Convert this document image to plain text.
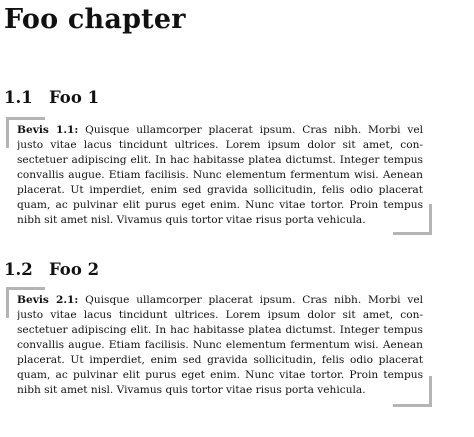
Foo chapter
1.1 Foo 1
Bevis 1.1: Quisque ullamcorper placerat ipsum. Cras nibh. Morbi vel
justo vitae lacus tincidunt ultrices. Lorem ipsum dolor sit amet, con-
sectetuer adipiscing elit. In hac habitasse platea dictumst. Integer tempus
convallis augue. Etiam facilisis. Nunc elementum fermentum wisi. Aenean
placerat. Ut imperdiet, enim sed gravida sollicitudin, felis odio placerat
quam, ac pulvinar elit purus eget enim. Nunc vitae tortor. Proin tempus
nibh sit amet nisl. Vivamus quis tortor vitae risus porta vehicula.
1.2 Foo 2
Bevis 2.1: Quisque ullamcorper placerat ipsum. Cras nibh. Morbi vel
justo vitae lacus tincidunt ultrices. Lorem ipsum dolor sit amet, con-
sectetuer adipiscing elit. In hac habitasse platea dictumst. Integer tempus
convallis augue. Etiam facilisis. Nunc elementum fermentum wisi. Aenean
placerat. Ut imperdiet, enim sed gravida sollicitudin, felis odio placerat
quam, ac pulvinar elit purus eget enim. Nunc vitae tortor. Proin tempus
nibh sit amet nisl. Vivamus quis tortor vitae risus porta vehicula.
